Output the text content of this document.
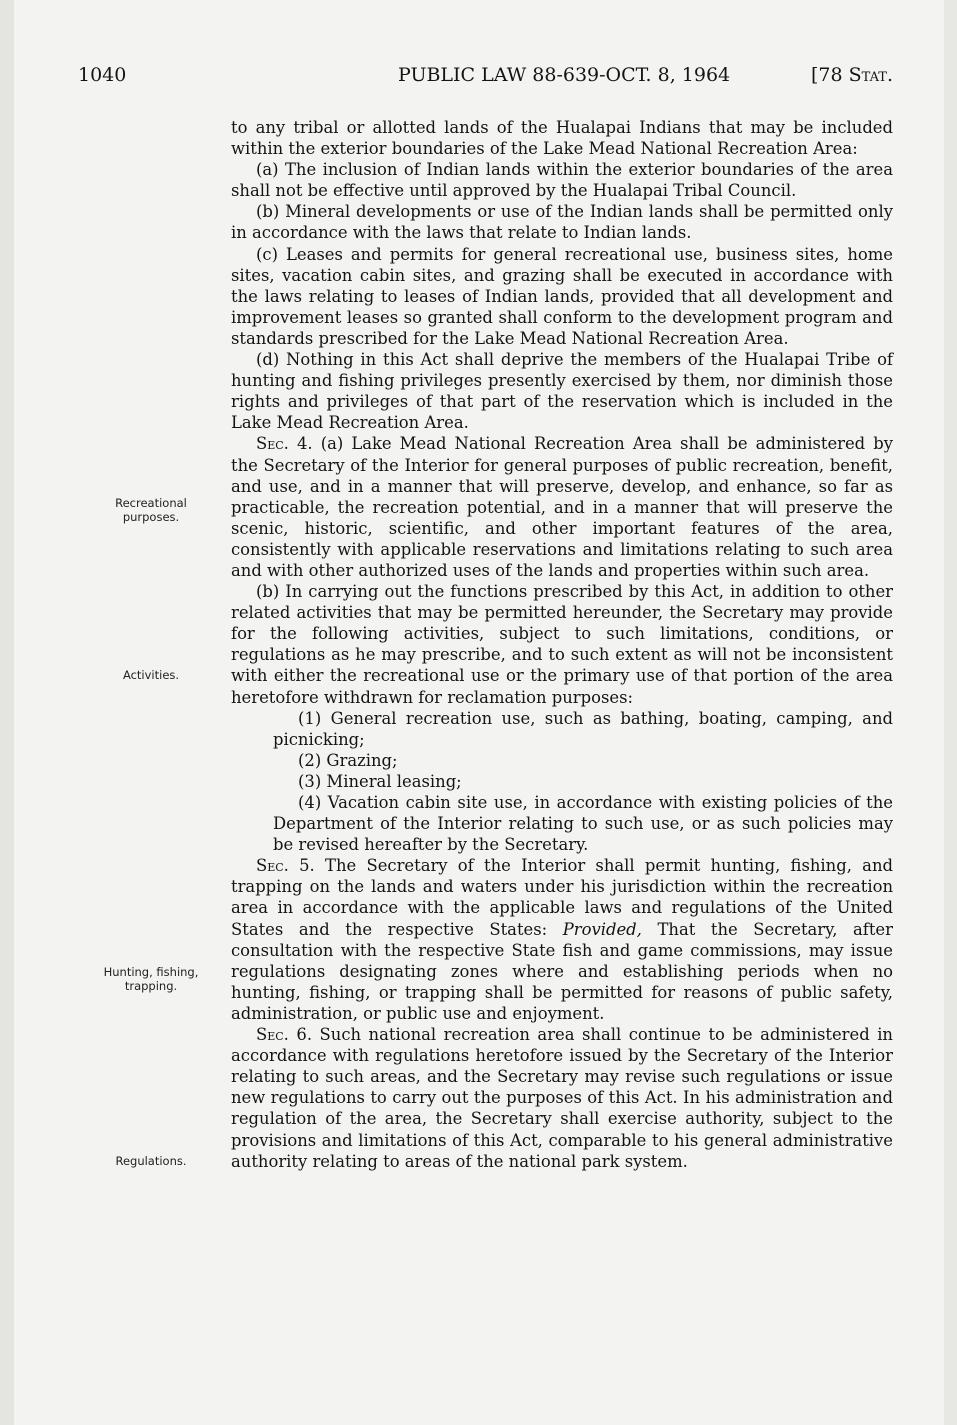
1040	PUBLIC LAW 88-639-OCT. 8, 1964	[78 Stat.
Recreational purposes.
Activities.
Hunting, fishing, trapping.
Regulations.

to any tribal or allotted lands of the Hualapai Indians that may be included within the exterior boundaries of the Lake Mead National Recreation Area:

(a) The inclusion of Indian lands within the exterior boundaries of the area shall not be effective until approved by the Hualapai Tribal Council.

(b) Mineral developments or use of the Indian lands shall be permitted only in accordance with the laws that relate to Indian lands.

(c) Leases and permits for general recreational use, business sites, home sites, vacation cabin sites, and grazing shall be executed in accordance with the laws relating to leases of Indian lands, provided that all development and improvement leases so granted shall conform to the development program and standards prescribed for the Lake Mead National Recreation Area.

(d) Nothing in this Act shall deprive the members of the Hualapai Tribe of hunting and fishing privileges presently exercised by them, nor diminish those rights and privileges of that part of the reservation which is included in the Lake Mead Recreation Area.

Sec. 4. (a) Lake Mead National Recreation Area shall be administered by the Secretary of the Interior for general purposes of public recreation, benefit, and use, and in a manner that will preserve, develop, and enhance, so far as practicable, the recreation potential, and in a manner that will preserve the scenic, historic, scientific, and other important features of the area, consistently with applicable reservations and limitations relating to such area and with other authorized uses of the lands and properties within such area.

(b) In carrying out the functions prescribed by this Act, in addition to other related activities that may be permitted hereunder, the Secretary may provide for the following activities, subject to such limitations, conditions, or regulations as he may prescribe, and to such extent as will not be inconsistent with either the recreational use or the primary use of that portion of the area heretofore withdrawn for reclamation purposes:

(1) General recreation use, such as bathing, boating, camping, and picnicking;

(2) Grazing;

(3) Mineral leasing;

(4) Vacation cabin site use, in accordance with existing policies of the Department of the Interior relating to such use, or as such policies may be revised hereafter by the Secretary.

Sec. 5. The Secretary of the Interior shall permit hunting, fishing, and trapping on the lands and waters under his jurisdiction within the recreation area in accordance with the applicable laws and regulations of the United States and the respective States: Provided, That the Secretary, after consultation with the respective State fish and game commissions, may issue regulations designating zones where and establishing periods when no hunting, fishing, or trapping shall be permitted for reasons of public safety, administration, or public use and enjoyment.

Sec. 6. Such national recreation area shall continue to be administered in accordance with regulations heretofore issued by the Secretary of the Interior relating to such areas, and the Secretary may revise such regulations or issue new regulations to carry out the purposes of this Act. In his administration and regulation of the area, the Secretary shall exercise authority, subject to the provisions and limitations of this Act, comparable to his general administrative authority relating to areas of the national park system.
